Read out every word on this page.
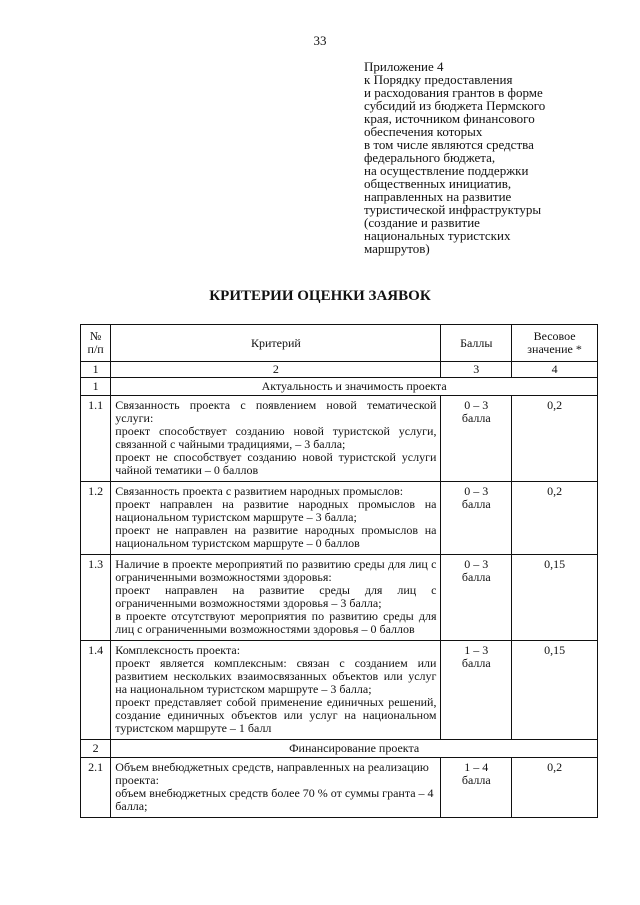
33
Приложение 4
к Порядку предоставления
и расходования грантов в форме
субсидий из бюджета Пермского
края, источником финансового
обеспечения которых
в том числе являются средства
федерального бюджета,
на осуществление поддержки
общественных инициатив,
направленных на развитие
туристической инфраструктуры
(создание и развитие
национальных туристских
маршрутов)
КРИТЕРИИ ОЦЕНКИ ЗАЯВОК
№
п/п	Критерий	Баллы	Весовое
значение *

1	2	3	4
1	Актуальность и значимость проекта		
1.1	Связанность проекта с появлением новой тематической услуги:
проект способствует созданию новой туристской услуги, связанной с чайными традициями, – 3 балла;
проект не способствует созданию новой туристской услуги чайной тематики – 0 баллов	0 – 3
балла	0,2
1.2	Связанность проекта с развитием народных промыслов:
проект направлен на развитие народных промыслов на национальном туристском маршруте – 3 балла;
проект не направлен на развитие народных промыслов на национальном туристском маршруте – 0 баллов	0 – 3
балла	0,2
1.3	Наличие в проекте мероприятий по развитию среды для лиц с ограниченными возможностями здоровья:
проект направлен на развитие среды для лиц с ограниченными возможностями здоровья – 3 балла;
в проекте отсутствуют мероприятия по развитию среды для лиц с ограниченными возможностями здоровья – 0 баллов	0 – 3
балла	0,15
1.4	Комплексность проекта:
проект является комплексным: связан с созданием или развитием нескольких взаимосвязанных объектов или услуг на национальном туристском маршруте – 3 балла;
проект представляет собой применение единичных решений, создание единичных объектов или услуг на национальном туристском маршруте – 1 балл	1 – 3
балла	0,15
2	Финансирование проекта		
2.1	Объем внебюджетных средств, направленных на реализацию проекта:
объем внебюджетных средств более 70 % от суммы гранта – 4 балла;	1 – 4
балла	0,2
